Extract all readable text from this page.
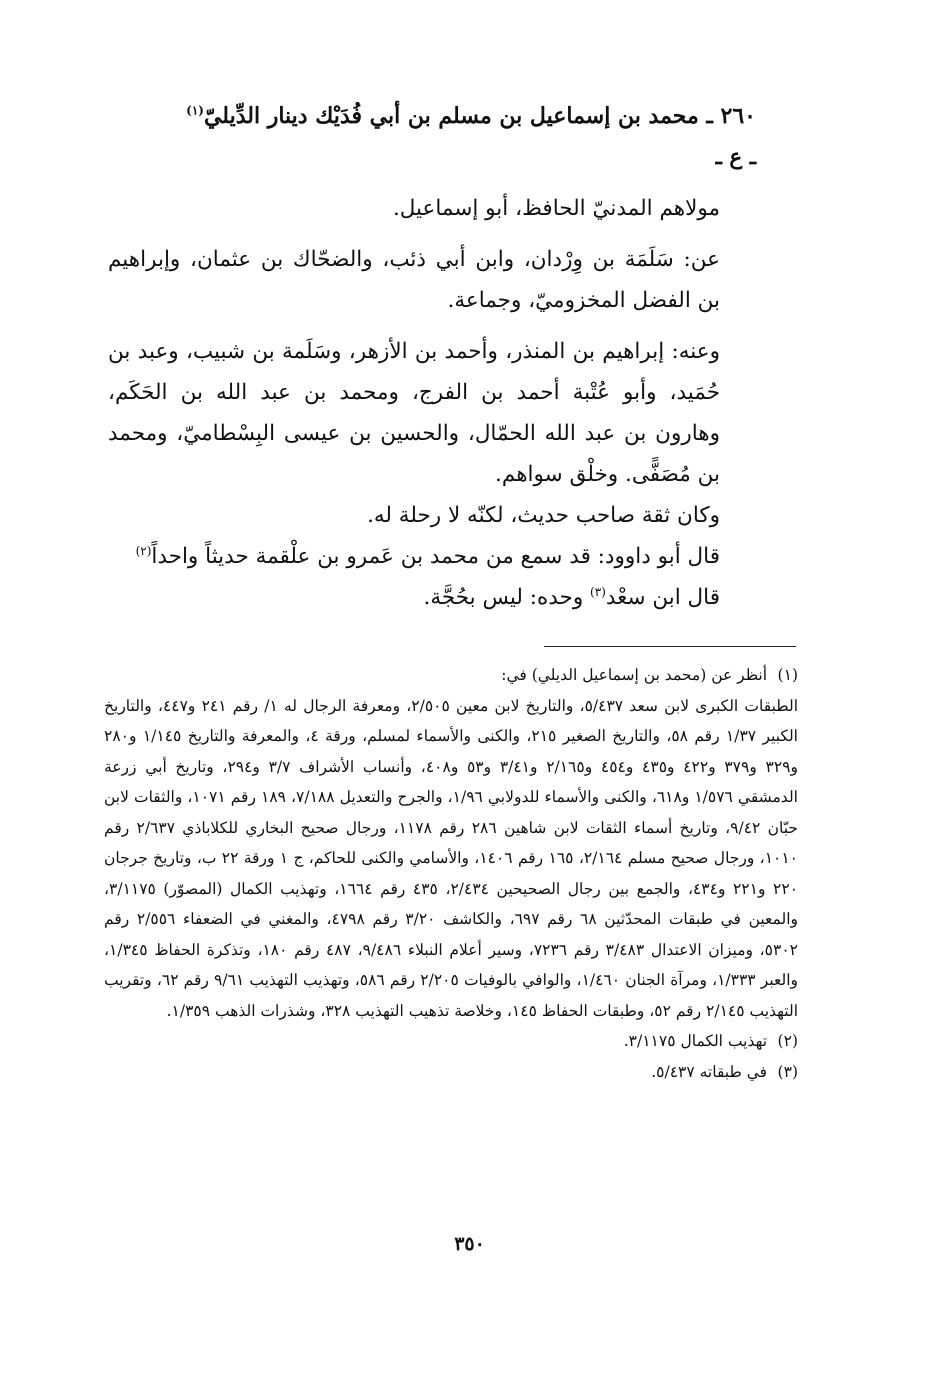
٢٦٠ ـ محمد بن إسماعيل بن مسلم بن أبي فُدَيْك دينار الدِّيليّ$^{(١)}$

ـ ع ـ

مولاهم المدنيّ الحافظ، أبو إسماعيل.

عن: سَلَمَة بن وِرْدان، وابن أبي ذئب، والضحّاك بن عثمان، وإبراهيم بن الفضل المخزوميّ، وجماعة.

وعنه: إبراهيم بن المنذر، وأحمد بن الأزهر، وسَلَمة بن شبيب، وعبد بن حُمَيد، وأبو عُتْبة أحمد بن الفرج، ومحمد بن عبد الله بن الحَكَم، وهارون بن عبد الله الحمّال، والحسين بن عيسى البِسْطاميّ، ومحمد بن مُصَفًّى. وخلْق سواهم.

وكان ثقة صاحب حديث، لكنّه لا رحلة له.

قال أبو داوود: قد سمع من محمد بن عَمرو بن علْقمة حديثاً واحداً$^{(٢)}$

قال ابن سعْد$^{(٣)}$ وحده: ليس بحُجَّة.

(١) أنظر عن (محمد بن إسماعيل الديلي) في:

الطبقات الكبرى لابن سعد ٥/٤٣٧، والتاريخ لابن معين ٢/٥٠٥، ومعرفة الرجال له ١/ رقم ٢٤١ و٤٤٧، والتاريخ الكبير ١/٣٧ رقم ٥٨، والتاريخ الصغير ٢١٥، والكنى والأسماء لمسلم، ورقة ٤، والمعرفة والتاريخ ١/١٤٥ و٢٨٠ و٣٢٩ و٣٧٩ و٤٢٢ و٤٣٥ و٤٥٤ و٢/١٦٥ و٣/٤١ و٥٣ و٤٠٨، وأنساب الأشراف ٣/٧ و٢٩٤، وتاريخ أبي زرعة الدمشقي ١/٥٧٦ و٦١٨، والكنى والأسماء للدولابي ١/٩٦، والجرح والتعديل ٧/١٨٨، ١٨٩ رقم ١٠٧١، والثقات لابن حبّان ٩/٤٢، وتاريخ أسماء الثقات لابن شاهين ٢٨٦ رقم ١١٧٨، ورجال صحيح البخاري للكلاباذي ٢/٦٣٧ رقم ١٠١٠، ورجال صحيح مسلم ٢/١٦٤، ١٦٥ رقم ١٤٠٦، والأسامي والكنى للحاكم، ج ١ ورقة ٢٢ ب، وتاريخ جرجان ٢٢٠ و٢٢١ و٤٣٤، والجمع بين رجال الصحيحين ٢/٤٣٤، ٤٣٥ رقم ١٦٦٤، وتهذيب الكمال (المصوّر) ٣/١١٧٥، والمعين في طبقات المحدّثين ٦٨ رقم ٦٩٧، والكاشف ٣/٢٠ رقم ٤٧٩٨، والمغني في الضعفاء ٢/٥٥٦ رقم ٥٣٠٢، وميزان الاعتدال ٣/٤٨٣ رقم ٧٢٣٦، وسير أعلام النبلاء ٩/٤٨٦، ٤٨٧ رقم ١٨٠، وتذكرة الحفاظ ١/٣٤٥، والعبر ١/٣٣٣، ومرآة الجنان ١/٤٦٠، والوافي بالوفيات ٢/٢٠٥ رقم ٥٨٦، وتهذيب التهذيب ٩/٦١ رقم ٦٢، وتقريب التهذيب ٢/١٤٥ رقم ٥٢، وطبقات الحفاظ ١٤٥، وخلاصة تذهيب التهذيب ٣٢٨، وشذرات الذهب ١/٣٥٩.

(٢) تهذيب الكمال ٣/١١٧٥.

(٣) في طبقاته ٥/٤٣٧.

٣٥٠
